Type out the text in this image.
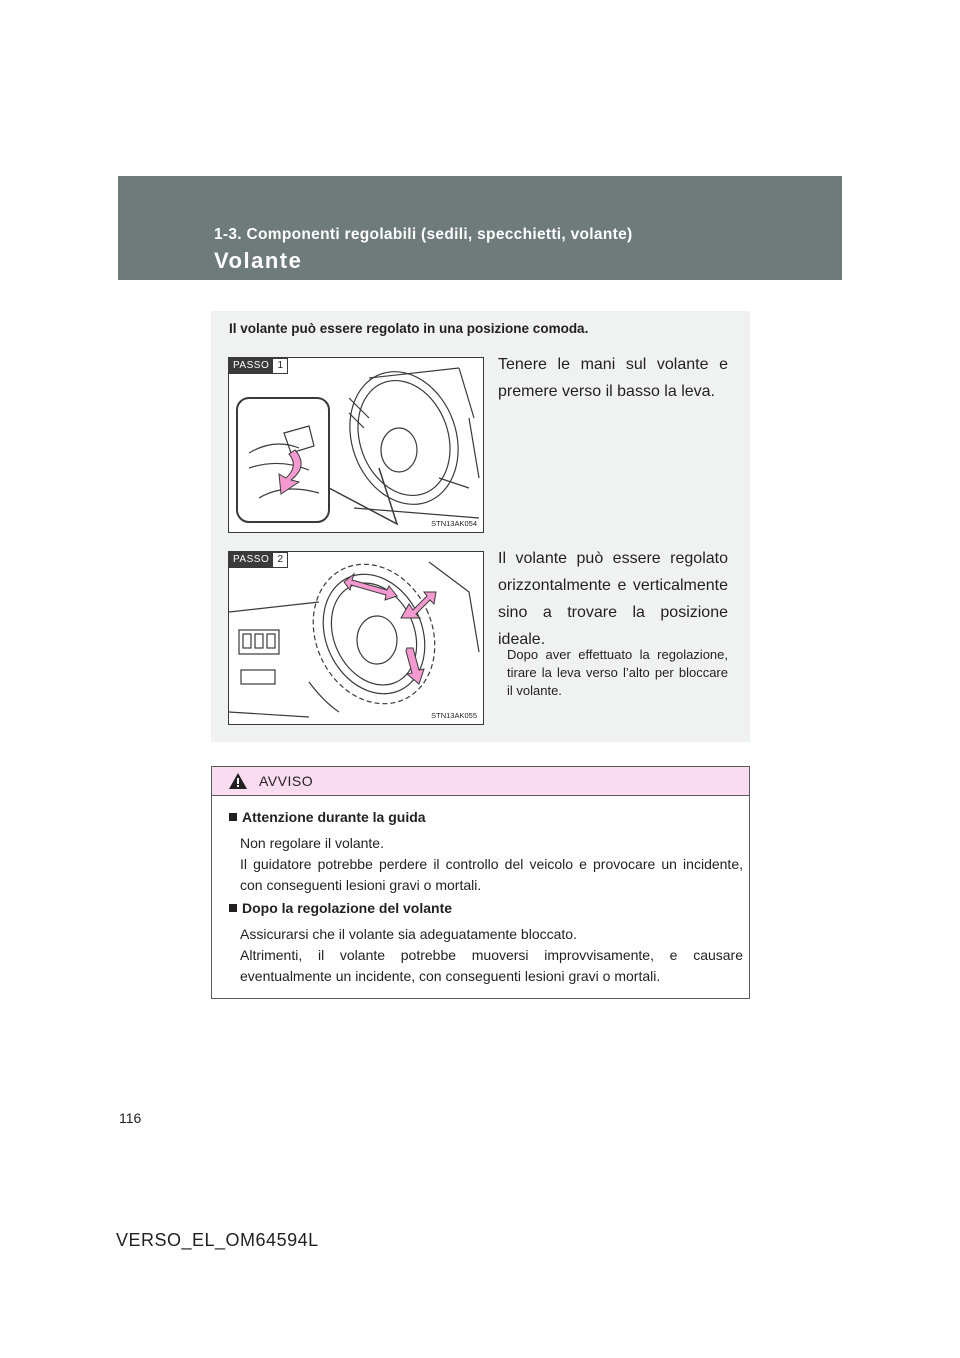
1-3. Componenti regolabili (sedili, specchietti, volante)
Volante
Il volante può essere regolato in una posizione comoda.
PASSO 1
STN13AK054
Tenere le mani sul volante e premere verso il basso la leva.
PASSO 2
STN13AK055
Il volante può essere regolato orizzontalmente e verticalmente sino a trovare la posizione ideale.
Dopo aver effettuato la regolazione, tirare la leva verso l’alto per bloccare il volante.
AVVISO
Attenzione durante la guida
Non regolare il volante.
Il guidatore potrebbe perdere il controllo del veicolo e provocare un incidente, con conseguenti lesioni gravi o mortali.
Dopo la regolazione del volante
Assicurarsi che il volante sia adeguatamente bloccato.
Altrimenti, il volante potrebbe muoversi improvvisamente, e causare eventualmente un incidente, con conseguenti lesioni gravi o mortali.
116
VERSO_EL_OM64594L
